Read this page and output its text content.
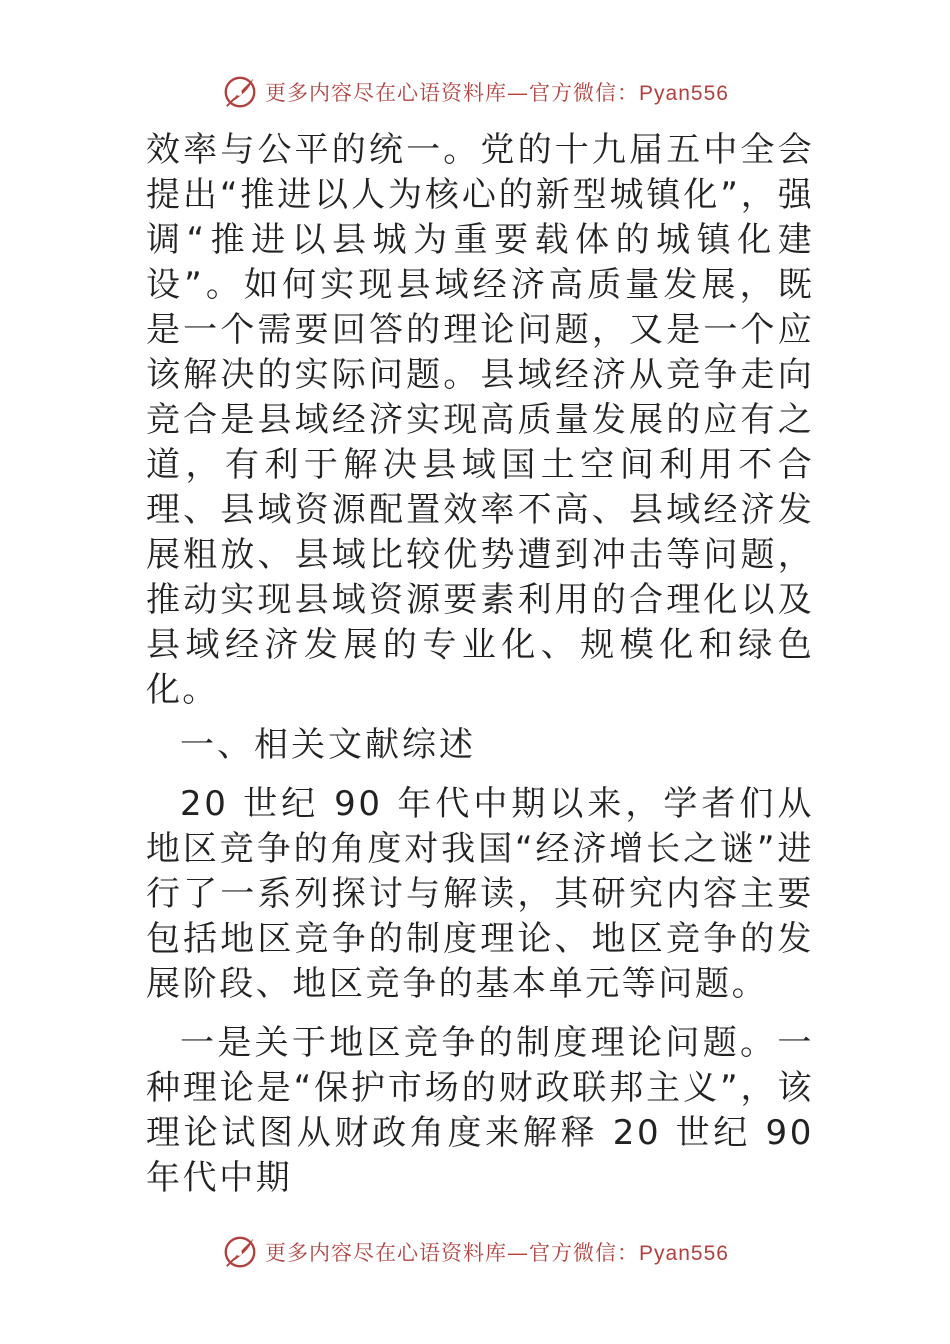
更多内容尽在心语资料库—官方微信：Pyan556

效率与公平的统一。党的十九届五中全会提出“推进以人为核心的新型城镇化”，强调“推进以县城为重要载体的城镇化建设”。如何实现县域经济高质量发展，既是一个需要回答的理论问题，又是一个应该解决的实际问题。县域经济从竞争走向竞合是县域经济实现高质量发展的应有之道，有利于解决县域国土空间利用不合理、县域资源配置效率不高、县域经济发展粗放、县域比较优势遭到冲击等问题，推动实现县域资源要素利用的合理化以及县域经济发展的专业化、规模化和绿色化。

一、相关文献综述

20 世纪 90 年代中期以来，学者们从地区竞争的角度对我国“经济增长之谜”进行了一系列探讨与解读，其研究内容主要包括地区竞争的制度理论、地区竞争的发展阶段、地区竞争的基本单元等问题。

一是关于地区竞争的制度理论问题。一种理论是“保护市场的财政联邦主义”，该理论试图从财政角度来解释 20 世纪 90 年代中期

更多内容尽在心语资料库—官方微信：Pyan556
